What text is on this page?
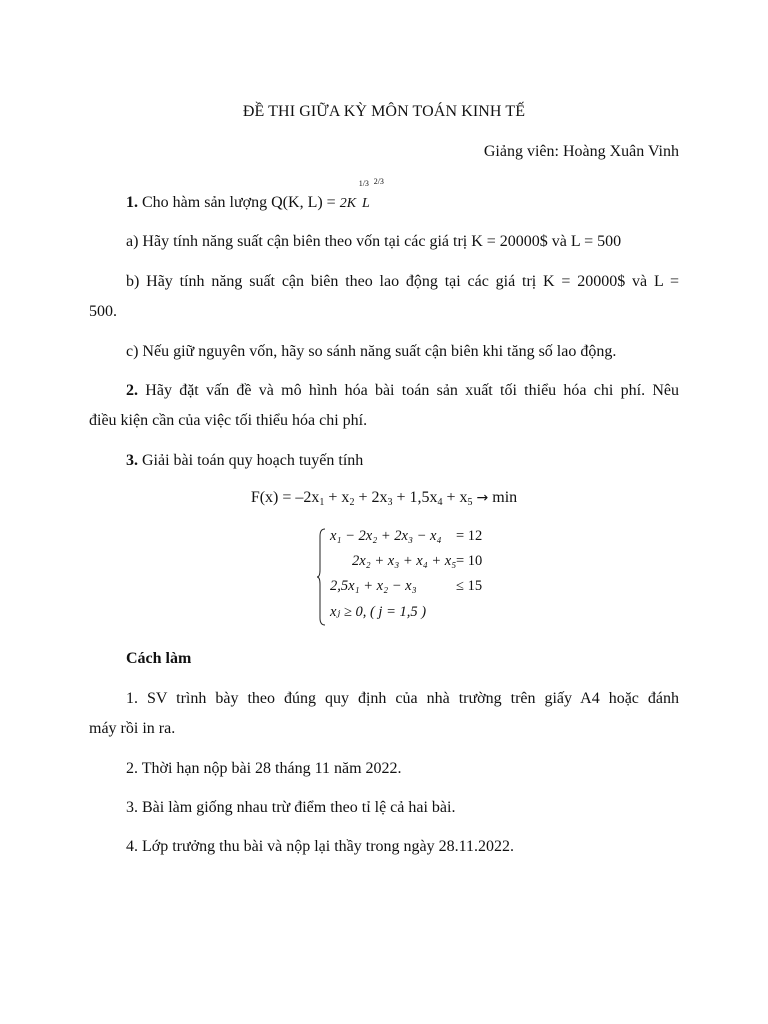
ĐỀ THI GIỮA KỲ MÔN TOÁN KINH TẾ
Giảng viên: Hoàng Xuân Vinh
1. Cho hàm sản lượng Q(K, L) = 2K L
1/3 2/3
a) Hãy tính năng suất cận biên theo vốn tại các giá trị K = 20000$ và L = 500
b) Hãy tính năng suất cận biên theo lao động tại các giá trị K = 20000$ và L =
500.
c) Nếu giữ nguyên vốn, hãy so sánh năng suất cận biên khi tăng số lao động.
2. Hãy đặt vấn đề và mô hình hóa bài toán sản xuất tối thiểu hóa chi phí. Nêu
điều kiện cần của việc tối thiểu hóa chi phí.
3. Giải bài toán quy hoạch tuyến tính
$F(x) = -2x_1 + x_2 + 2x_3 + 1,5x_4 + x_5 \to \min$
x₁ − 2x₂ + 2x₃ − x₄ = 12
2x₂ + x₃ + x₄ + x₅ = 10
2,5x₁ + x₂ − x₃	≤ 15
xⱼ ≥ 0, ( j = 1,5 )
Cách làm
1. SV trình bày theo đúng quy định của nhà trường trên giấy A4 hoặc đánh
máy rồi in ra.
2. Thời hạn nộp bài 28 tháng 11 năm 2022.
3. Bài làm giống nhau trừ điểm theo tỉ lệ cả hai bài.
4. Lớp trưởng thu bài và nộp lại thầy trong ngày 28.11.2022.
